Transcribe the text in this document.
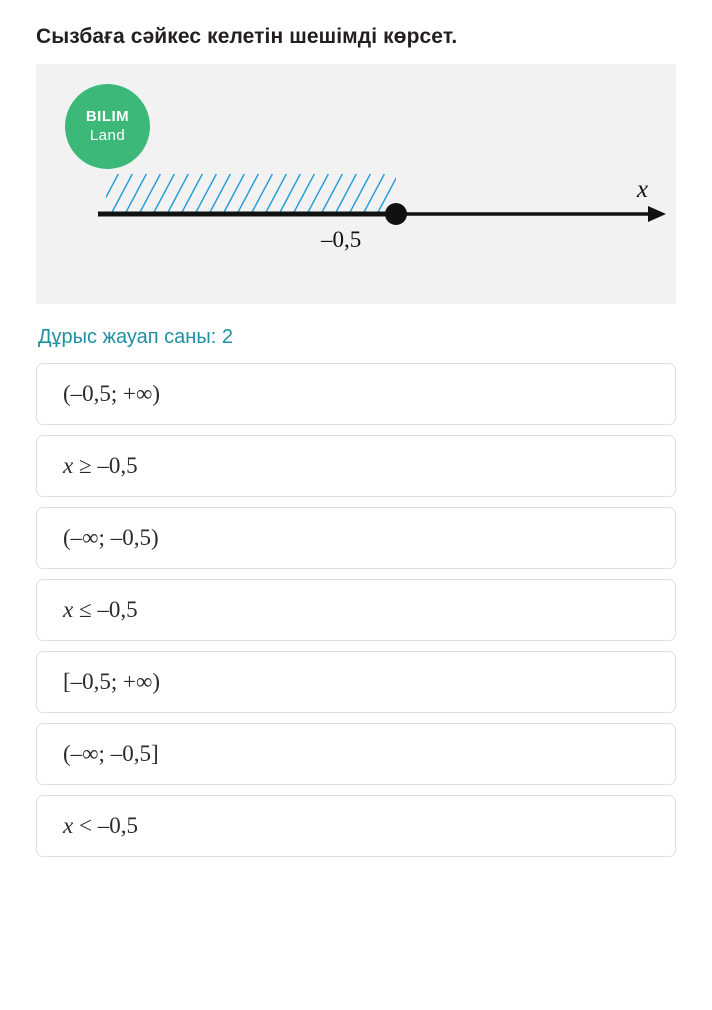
Сызбаға сәйкес келетін шешімді көрсет.
BILIM
Land
x
–0,5
Дұрыс жауап саны: 2
(–0,5; +∞)
x ≥ –0,5
(–∞; –0,5)
x ≤ –0,5
[–0,5; +∞)
(–∞; –0,5]
x < –0,5
